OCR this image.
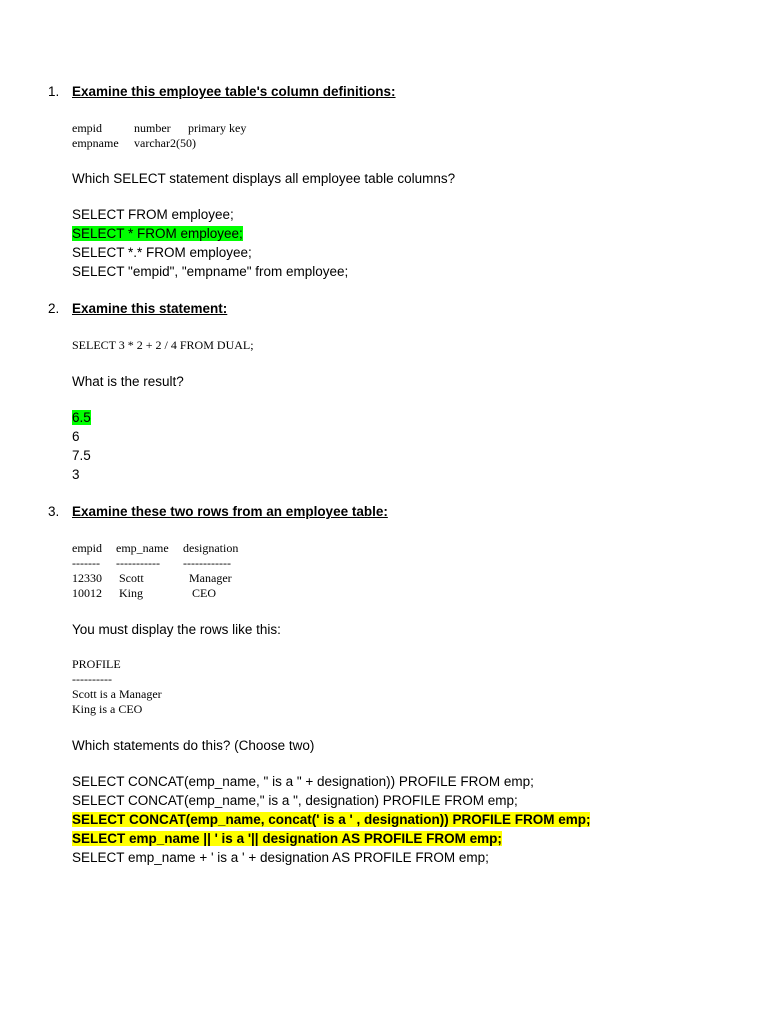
1. Examine this employee table's column definitions:
empid	number primary key
empname varchar2(50)
Which SELECT statement displays all employee table columns?
SELECT FROM employee;
SELECT * FROM employee;
SELECT *.* FROM employee;
SELECT "empid", "empname" from employee;
2. Examine this statement:
SELECT 3 * 2 + 2 / 4 FROM DUAL;
What is the result?
6.5
6
7.5
3
3. Examine these two rows from an employee table:
empid emp_name designation
------- ----------- ------------
12330 Scott	Manager
10012 King	CEO
You must display the rows like this:
PROFILE
----------
Scott is a Manager
King is a CEO
Which statements do this? (Choose two)
SELECT CONCAT(emp_name, " is a " + designation)) PROFILE FROM emp;
SELECT CONCAT(emp_name," is a ", designation) PROFILE FROM emp;
SELECT CONCAT(emp_name, concat(' is a ' , designation)) PROFILE FROM emp;
SELECT emp_name || ' is a '|| designation AS PROFILE FROM emp;
SELECT emp_name + ' is a ' + designation AS PROFILE FROM emp;
